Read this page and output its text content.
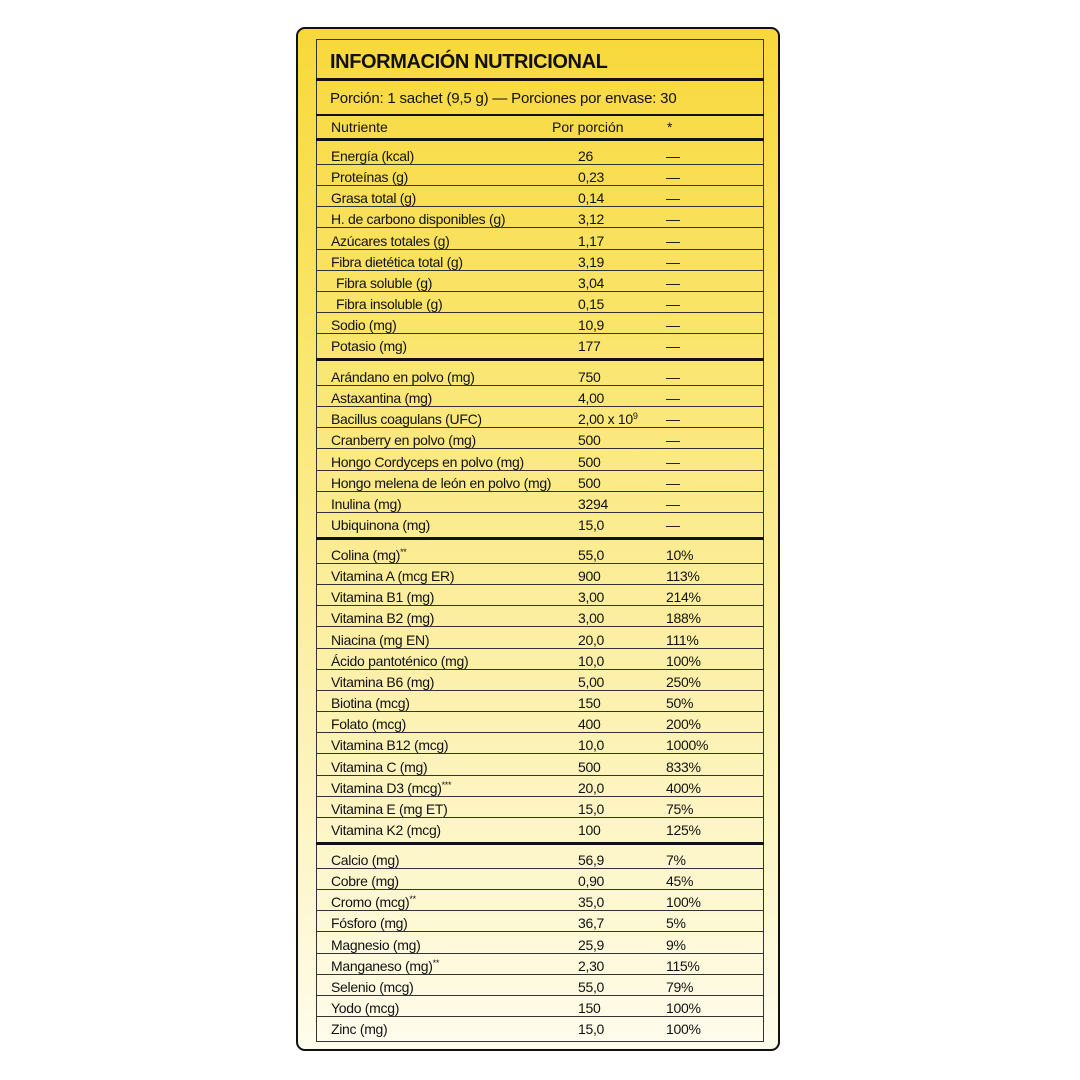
INFORMACIÓN NUTRICIONAL
Porción: 1 sachet (9,5 g) — Porciones por envase: 30
Nutriente	Por porción	*
Energía (kcal)	26	—
Proteínas (g)	0,23	—
Grasa total (g)	0,14	—
H. de carbono disponibles (g)	3,12	—
Azúcares totales (g)	1,17	—
Fibra dietética total (g)	3,19	—
Fibra soluble (g)	3,04	—
Fibra insoluble (g)	0,15	—
Sodio (mg)	10,9	—
Potasio (mg)	177	—
Arándano en polvo (mg)	750	—
Astaxantina (mg)	4,00	—
Bacillus coagulans (UFC)	2,00 x $10^9$ —
Cranberry en polvo (mg)	500	—
Hongo Cordyceps en polvo (mg)	500	—
Hongo melena de león en polvo (mg) 500	—
Inulina (mg)	3294	—
Ubiquinona (mg)	15,0	—
Colina (mg)**	55,0	10%
Vitamina A (mcg ER)	900	113%
Vitamina B1 (mg)	3,00	214%
Vitamina B2 (mg)	3,00	188%
Niacina (mg EN)	20,0	111%
Ácido pantoténico (mg)	10,0	100%
Vitamina B6 (mg)	5,00	250%
Biotina (mcg)	150	50%
Folato (mcg)	400	200%
Vitamina B12 (mcg)	10,0	1000%
Vitamina C (mg)	500	833%
Vitamina D3 (mcg)***	20,0	400%
Vitamina E (mg ET)	15,0	75%
Vitamina K2 (mcg)	100	125%
Calcio (mg)	56,9	7%
Cobre (mg)	0,90	45%
Cromo (mcg)**	35,0	100%
Fósforo (mg)	36,7	5%
Magnesio (mg)	25,9	9%
Manganeso (mg)**	2,30	115%
Selenio (mcg)	55,0	79%
Yodo (mcg)	150	100%
Zinc (mg)	15,0	100%
